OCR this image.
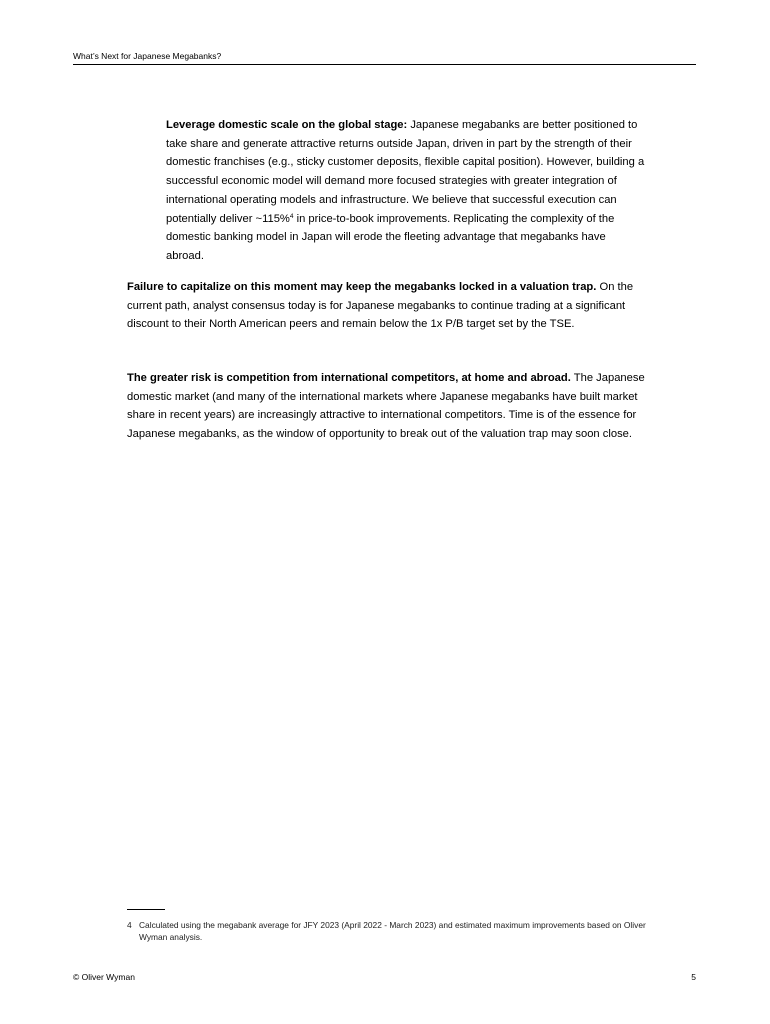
What’s Next for Japanese Megabanks?
Leverage domestic scale on the global stage: Japanese megabanks are better positioned to take share and generate attractive returns outside Japan, driven in part by the strength of their domestic franchises (e.g., sticky customer deposits, flexible capital position). However, building a successful economic model will demand more focused strategies with greater integration of international operating models and infrastructure. We believe that successful execution can potentially deliver ~115%$^4$ in price-to-book improvements. Replicating the complexity of the domestic banking model in Japan will erode the fleeting advantage that megabanks have abroad.
Failure to capitalize on this moment may keep the megabanks locked in a valuation trap. On the current path, analyst consensus today is for Japanese megabanks to continue trading at a significant discount to their North American peers and remain below the 1x P/B target set by the TSE.
The greater risk is competition from international competitors, at home and abroad. The Japanese domestic market (and many of the international markets where Japanese megabanks have built market share in recent years) are increasingly attractive to international competitors. Time is of the essence for Japanese megabanks, as the window of opportunity to break out of the valuation trap may soon close.
4 Calculated using the megabank average for JFY 2023 (April 2022 - March 2023) and estimated maximum improvements based on Oliver Wyman analysis.
© Oliver Wyman	5
